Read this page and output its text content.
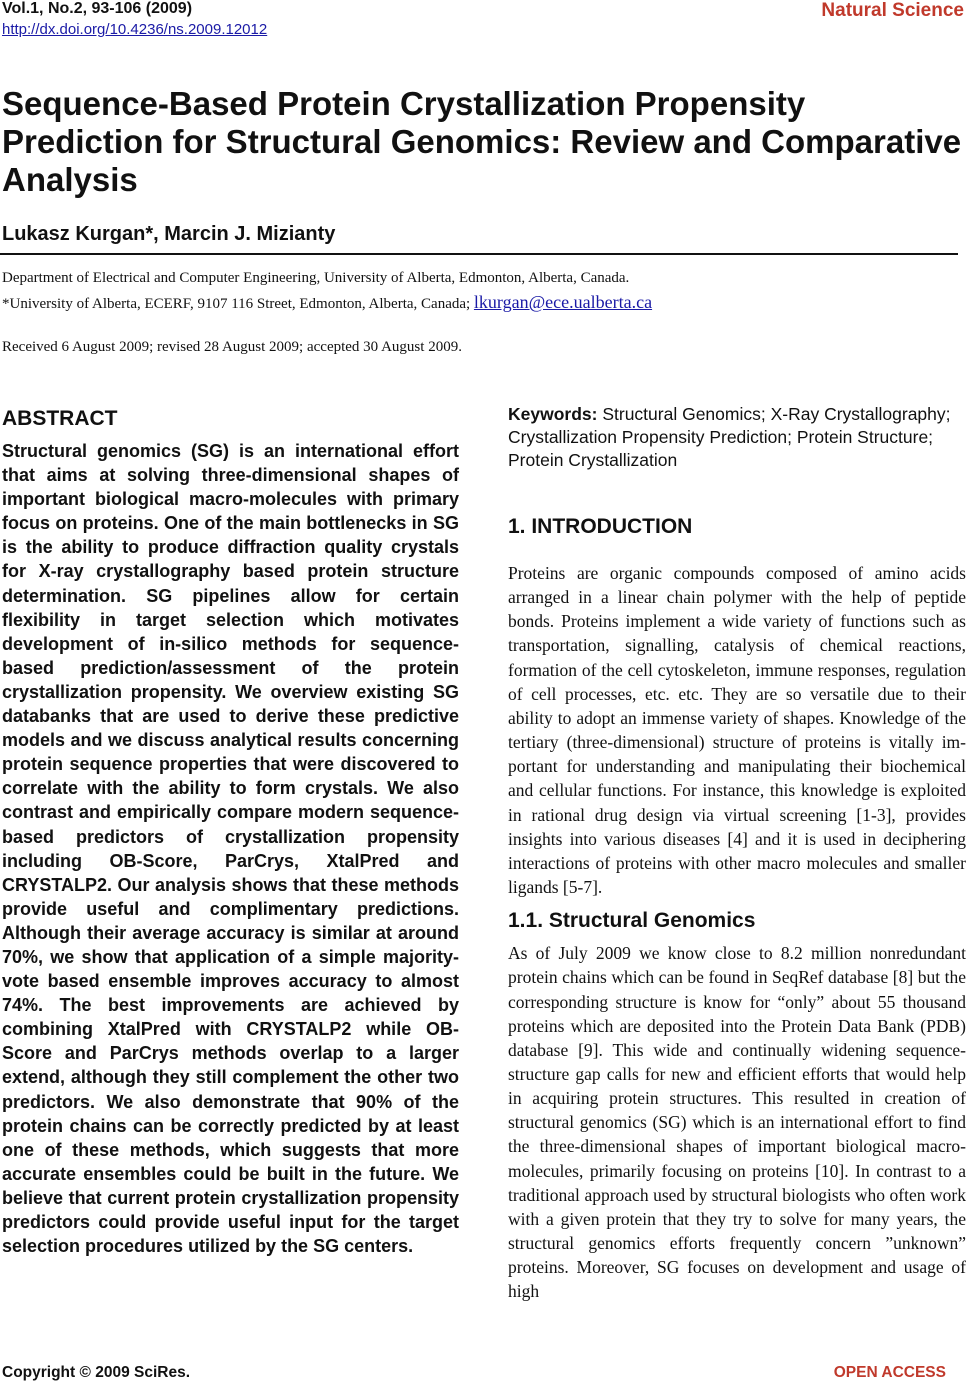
Vol.1, No.2, 93-106 (2009)
http://dx.doi.org/10.4236/ns.2009.12012
Natural Science
Sequence-Based Protein Crystallization Propensity Prediction for Structural Genomics: Review and Comparative Analysis
Lukasz Kurgan*, Marcin J. Mizianty
Department of Electrical and Computer Engineering, University of Alberta, Edmonton, Alberta, Canada.
*University of Alberta, ECERF, 9107 116 Street, Edmonton, Alberta, Canada; lkurgan@ece.ualberta.ca
Received 6 August 2009; revised 28 August 2009; accepted 30 August 2009.
ABSTRACT

Structural genomics (SG) is an international effort that aims at solving three-dimensional shapes of important biological macro-molecules with primary focus on proteins. One of the main bottlenecks in SG is the ability to produce diffraction quality crystals for X-ray crystallography based protein structure determination. SG pipelines allow for certain flexibility in target selection which motivates development of in-silico methods for sequence-based prediction/​assessment of the protein crystallization propensity. We overview existing SG databanks that are used to derive these predictive models and we discuss analytical results concerning protein sequence properties that were discovered to correlate with the ability to form crystals. We also contrast and empirically compare modern sequence-based predictors of crystallization propensity including OB-Score, ParCrys, XtalPred and CRYSTALP2. Our analysis shows that these methods provide useful and complimentary predictions. Although their average accuracy is similar at around 70%, we show that application of a simple majority-vote based ensemble improves accuracy to almost 74%. The best improvements are achieved by combining XtalPred with CRYSTALP2 while OB-Score and ParCrys methods overlap to a larger extend, although they still complement the other two predictors. We also demonstrate that 90% of the protein chains can be correctly predicted by at least one of these methods, which suggests that more accurate ensembles could be built in the future. We believe that current protein crystallization propensity predictors could provide useful input for the target selection procedures utilized by the SG centers.

Keywords: Structural Genomics; X-Ray Crystallography; Crystallization Propensity Prediction; Protein Structure; Protein Crystallization

1. INTRODUCTION

Proteins are organic compounds composed of amino acids arranged in a linear chain polymer with the help of peptide bonds. Proteins implement a wide variety of functions such as transportation, signalling, catalysis of chemical reactions, formation of the cell cytoskeleton, immune responses, regulation of cell processes, etc. etc. They are so versatile due to their ability to adopt an immense variety of shapes. Knowledge of the tertiary (three-dimensional) structure of proteins is vitally important for understanding and manipulating their biochemical and cellular functions. For instance, this knowledge is exploited in rational drug design via virtual screening [1-3], provides insights into various diseases [4] and it is used in deciphering interactions of proteins with other macro molecules and smaller ligands [5-7].

1.1. Structural Genomics

As of July 2009 we know close to 8.2 million nonredundant protein chains which can be found in SeqRef database [8] but the corresponding structure is know for “only” about 55 thousand proteins which are deposited into the Protein Data Bank (PDB) database [9]. This wide and continually widening sequence-structure gap calls for new and efficient efforts that would help in acquiring protein structures. This resulted in creation of structural genomics (SG) which is an international effort to find the three-dimensional shapes of important biological macro-molecules, primarily focusing on proteins [10]. In contrast to a traditional approach used by structural biologists who often work with a given protein that they try to solve for many years, the structural genomics efforts frequently concern ”unknown” proteins. Moreover, SG focuses on development and usage of high

Copyright © 2009 SciRes.	OPEN ACCESS
